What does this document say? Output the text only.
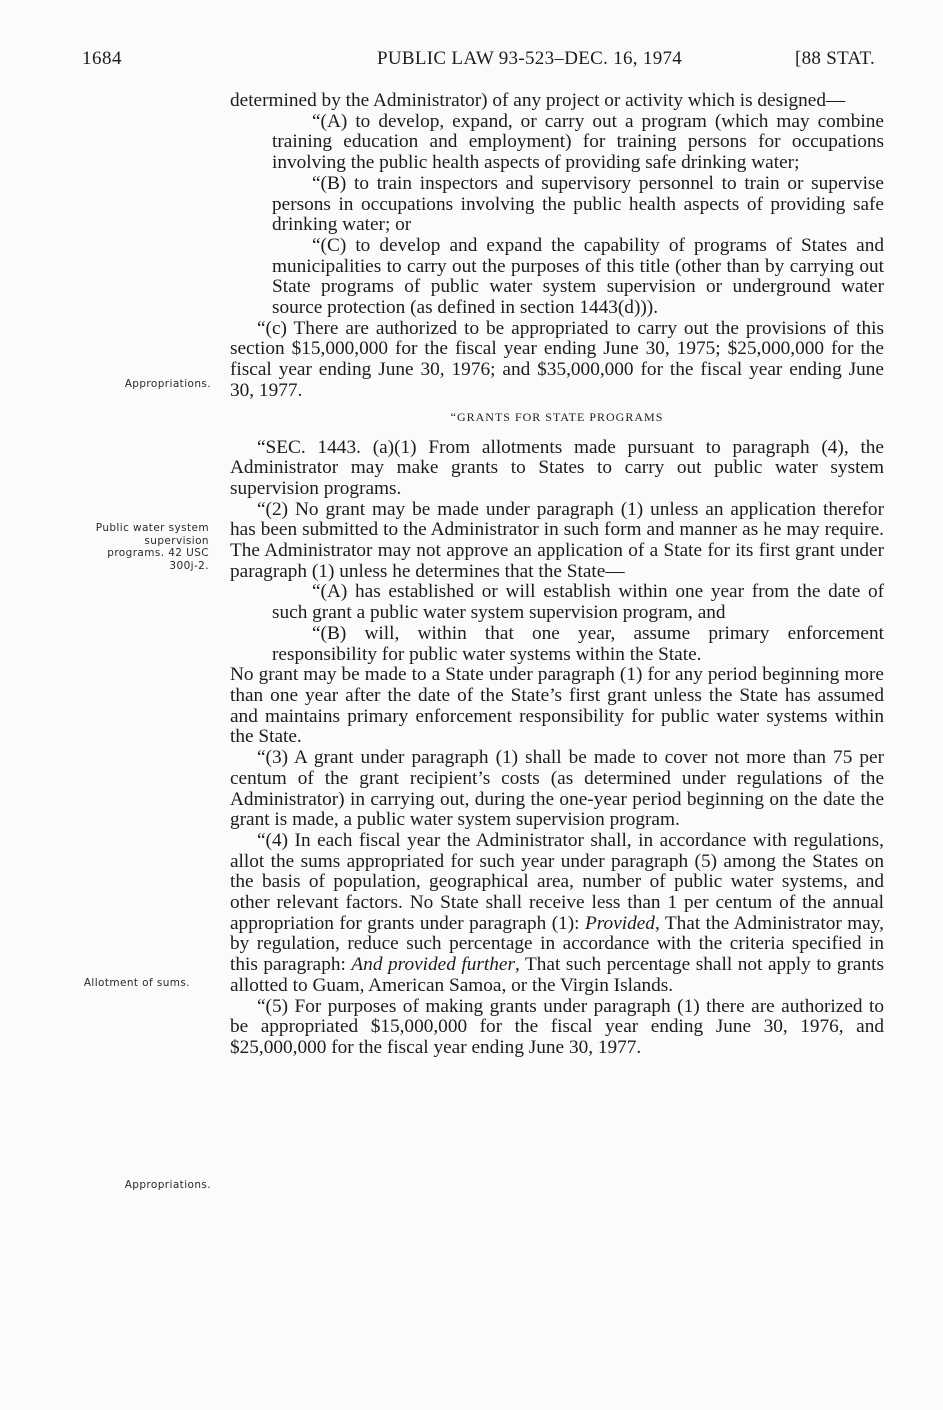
1684	PUBLIC LAW 93-523–DEC. 16, 1974	[88 STAT.
Appropriations.
Public water system supervision programs. 42 USC 300j-2.
Allotment of sums.
Appropriations.

determined by the Administrator) of any project or activity which is designed—

“(A) to develop, expand, or carry out a program (which may combine training education and employment) for training persons for occupations involving the public health aspects of providing safe drinking water;

“(B) to train inspectors and supervisory personnel to train or supervise persons in occupations involving the public health aspects of providing safe drinking water; or

“(C) to develop and expand the capability of programs of States and municipalities to carry out the purposes of this title (other than by carrying out State programs of public water system supervision or underground water source protection (as defined in section 1443(d))).

“(c) There are authorized to be appropriated to carry out the provisions of this section $15,000,000 for the fiscal year ending June 30, 1975; $25,000,000 for the fiscal year ending June 30, 1976; and $35,000,000 for the fiscal year ending June 30, 1977.

“GRANTS FOR STATE PROGRAMS

“SEC. 1443. (a)(1) From allotments made pursuant to paragraph (4), the Administrator may make grants to States to carry out public water system supervision programs.

“(2) No grant may be made under paragraph (1) unless an application therefor has been submitted to the Administrator in such form and manner as he may require. The Administrator may not approve an application of a State for its first grant under paragraph (1) unless he determines that the State—

“(A) has established or will establish within one year from the date of such grant a public water system supervision program, and

“(B) will, within that one year, assume primary enforcement responsibility for public water systems within the State.

No grant may be made to a State under paragraph (1) for any period beginning more than one year after the date of the State’s first grant unless the State has assumed and maintains primary enforcement responsibility for public water systems within the State.

“(3) A grant under paragraph (1) shall be made to cover not more than 75 per centum of the grant recipient’s costs (as determined under regulations of the Administrator) in carrying out, during the one-year period beginning on the date the grant is made, a public water system supervision program.

“(4) In each fiscal year the Administrator shall, in accordance with regulations, allot the sums appropriated for such year under paragraph (5) among the States on the basis of population, geographical area, number of public water systems, and other relevant factors. No State shall receive less than 1 per centum of the annual appropriation for grants under paragraph (1): Provided, That the Administrator may, by regulation, reduce such percentage in accordance with the criteria specified in this paragraph: And provided further, That such percentage shall not apply to grants allotted to Guam, American Samoa, or the Virgin Islands.

“(5) For purposes of making grants under paragraph (1) there are authorized to be appropriated $15,000,000 for the fiscal year ending June 30, 1976, and $25,000,000 for the fiscal year ending June 30, 1977.
